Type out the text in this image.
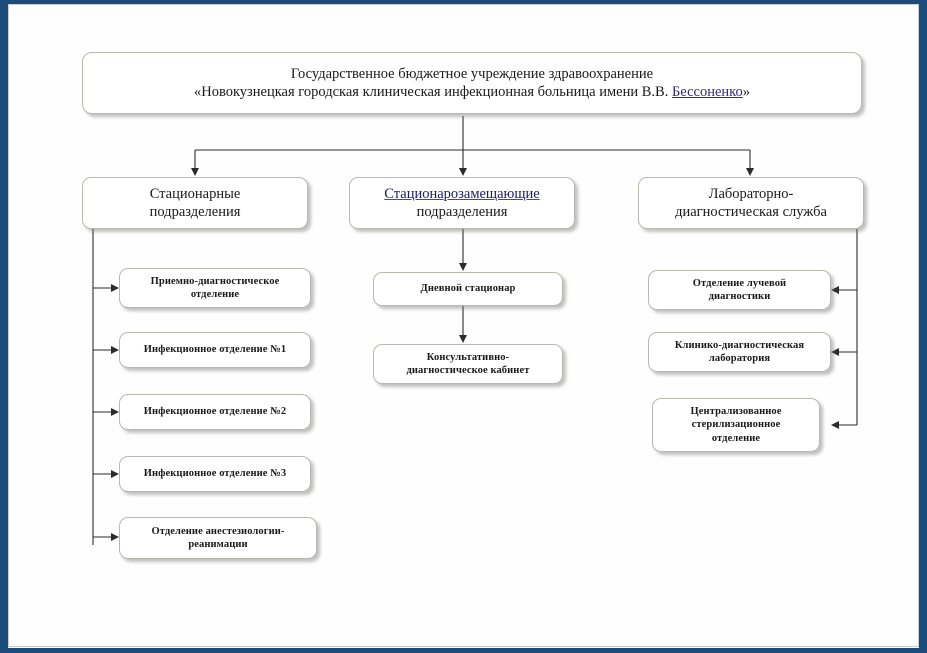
Государственное бюджетное учреждение здравоохранение
«Новокузнецкая городская клиническая инфекционная больница имени В.В. Бессоненко»
Стационарные
подразделения
Стационарозамещающие
подразделения
Лабораторно-
диагностическая служба
Приемно-диагностическое
отделение
Инфекционное отделение №1
Инфекционное отделение №2
Инфекционное отделение №3
Отделение анестезиологии-
реанимации
Дневной стационар
Консультативно-
диагностическое кабинет
Отделение лучевой
диагностики
Клинико-диагностическая
лаборатория
Централизованное
стерилизационное
отделение
